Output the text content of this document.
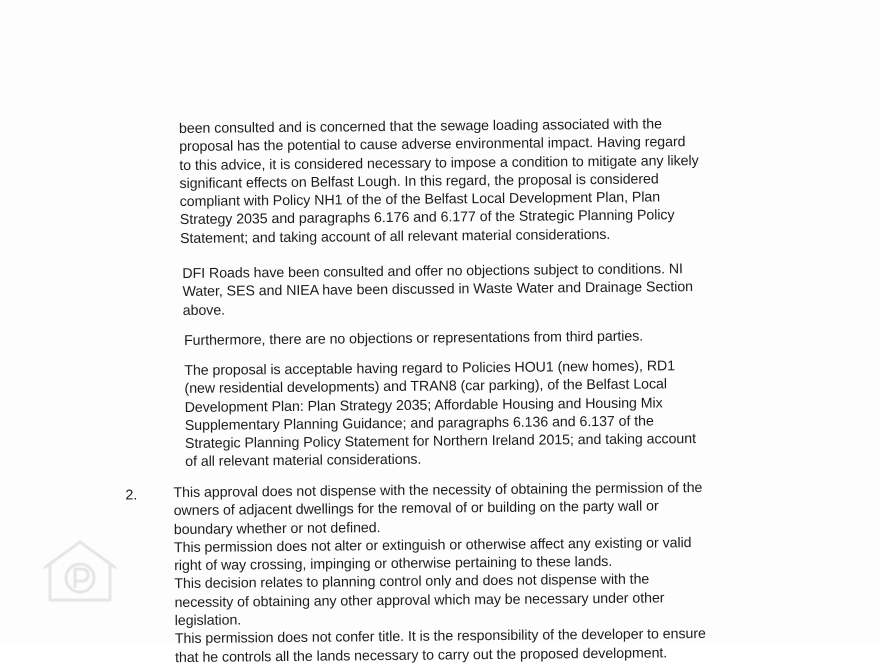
been consulted and is concerned that the sewage loading associated with the
proposal has the potential to cause adverse environmental impact. Having regard
to this advice, it is considered necessary to impose a condition to mitigate any likely
significant effects on Belfast Lough. In this regard, the proposal is considered
compliant with Policy NH1 of the of the Belfast Local Development Plan, Plan
Strategy 2035 and paragraphs 6.176 and 6.177 of the Strategic Planning Policy
Statement; and taking account of all relevant material considerations.
DFI Roads have been consulted and offer no objections subject to conditions. NI
Water, SES and NIEA have been discussed in Waste Water and Drainage Section
above.
Furthermore, there are no objections or representations from third parties.
The proposal is acceptable having regard to Policies HOU1 (new homes), RD1
(new residential developments) and TRAN8 (car parking), of the Belfast Local
Development Plan: Plan Strategy 2035; Affordable Housing and Housing Mix
Supplementary Planning Guidance; and paragraphs 6.136 and 6.137 of the
Strategic Planning Policy Statement for Northern Ireland 2015; and taking account
of all relevant material considerations.
2.	This approval does not dispense with the necessity of obtaining the permission of the
owners of adjacent dwellings for the removal of or building on the party wall or
boundary whether or not defined.
This permission does not alter or extinguish or otherwise affect any existing or valid
right of way crossing, impinging or otherwise pertaining to these lands.
This decision relates to planning control only and does not dispense with the
necessity of obtaining any other approval which may be necessary under other
legislation.
This permission does not confer title. It is the responsibility of the developer to ensure
that he controls all the lands necessary to carry out the proposed development.
